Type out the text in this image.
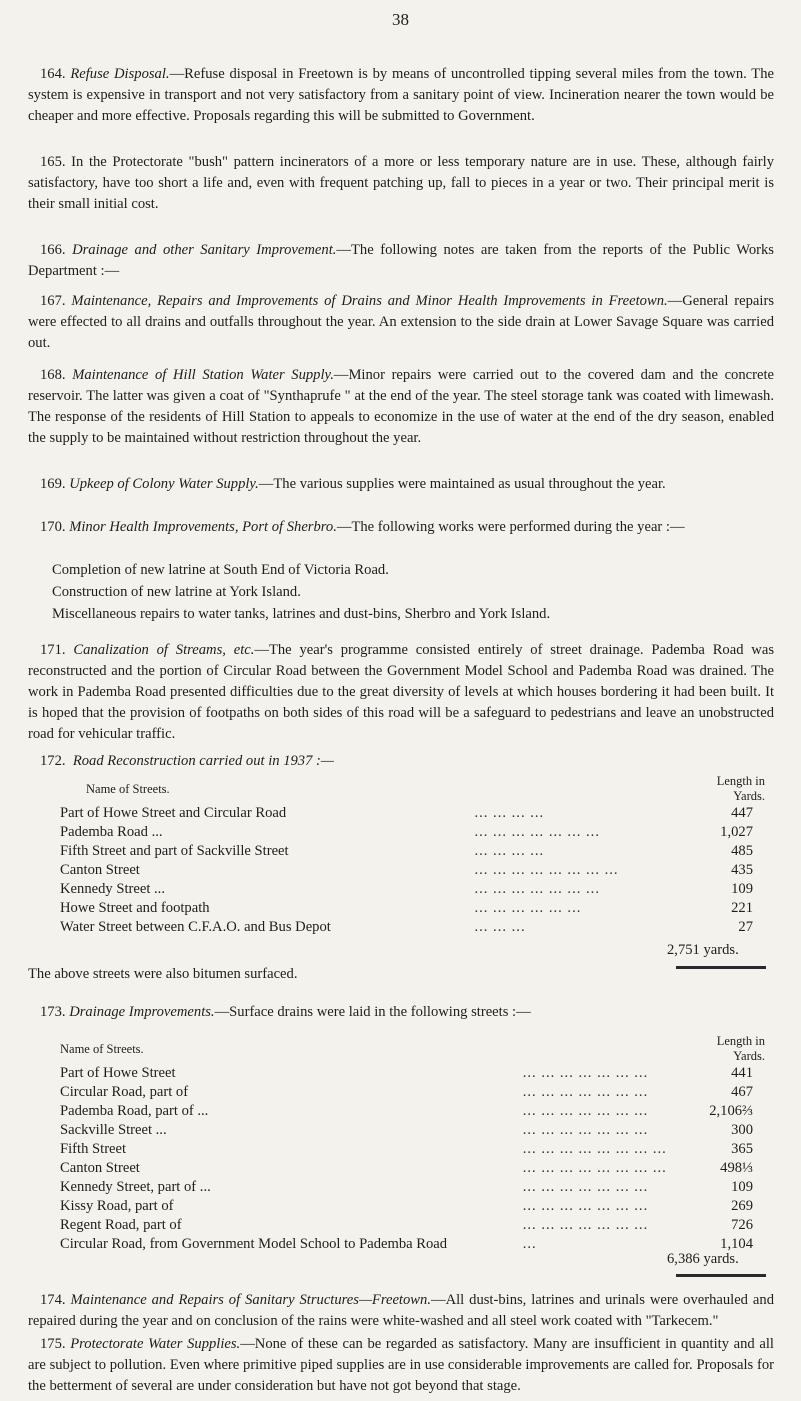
38

164. Refuse Disposal.—Refuse disposal in Freetown is by means of uncontrolled tipping several miles from the town. The system is expensive in transport and not very satisfactory from a sanitary point of view. Incineration nearer the town would be cheaper and more effective. Proposals regarding this will be submitted to Government.

165. In the Protectorate "bush" pattern incinerators of a more or less temporary nature are in use. These, although fairly satisfactory, have too short a life and, even with frequent patching up, fall to pieces in a year or two. Their principal merit is their small initial cost.

166. Drainage and other Sanitary Improvement.—The following notes are taken from the reports of the Public Works Department :—

167. Maintenance, Repairs and Improvements of Drains and Minor Health Improvements in Freetown.—General repairs were effected to all drains and outfalls throughout the year. An extension to the side drain at Lower Savage Square was carried out.

168. Maintenance of Hill Station Water Supply.—Minor repairs were carried out to the covered dam and the concrete reservoir. The latter was given a coat of "Synthaprufe " at the end of the year. The steel storage tank was coated with limewash. The response of the residents of Hill Station to appeals to economize in the use of water at the end of the dry season, enabled the supply to be maintained without restriction throughout the year.

169. Upkeep of Colony Water Supply.—The various supplies were maintained as usual throughout the year.

170. Minor Health Improvements, Port of Sherbro.—The following works were performed during the year :—

Completion of new latrine at South End of Victoria Road.
Construction of new latrine at York Island.
Miscellaneous repairs to water tanks, latrines and dust-bins, Sherbro and York Island.

171. Canalization of Streams, etc.—The year's programme consisted entirely of street drainage. Pademba Road was reconstructed and the portion of Circular Road between the Government Model School and Pademba Road was drained. The work in Pademba Road presented difficulties due to the great diversity of levels at which houses bordering it had been built. It is hoped that the provision of footpaths on both sides of this road will be a safeguard to pedestrians and leave an unobstructed road for vehicular traffic.

172. Road Reconstruction carried out in 1937 :—
Name of Streets.		Length in Yards.
Part of Howe Street and Circular Road	... ... ... ...	447
Pademba Road ...	... ... ... ... ... ... ...	1,027
Fifth Street and part of Sackville Street	... ... ... ...	485
Canton Street	... ... ... ... ... ... ... ...	435
Kennedy Street ...	... ... ... ... ... ... ...	109
Howe Street and footpath	... ... ... ... ... ...	221
Water Street between C.F.A.O. and Bus Depot	... ... ...	27
2,751 yards.
The above streets were also bitumen surfaced.

173. Drainage Improvements.—Surface drains were laid in the following streets :—

Name of Streets.		Length in Yards.
Part of Howe Street	... ... ... ... ... ... ...	441
Circular Road, part of	... ... ... ... ... ... ...	467
Pademba Road, part of ...	... ... ... ... ... ... ...	2,106⅔
Sackville Street ...	... ... ... ... ... ... ...	300
Fifth Street	... ... ... ... ... ... ... ...	365
Canton Street	... ... ... ... ... ... ... ...	498⅓
Kennedy Street, part of ...	... ... ... ... ... ... ...	109
Kissy Road, part of	... ... ... ... ... ... ...	269
Regent Road, part of	... ... ... ... ... ... ...	726
Circular Road, from Government Model School to Pademba Road	...	1,104
6,386 yards.

174. Maintenance and Repairs of Sanitary Structures—Freetown.—All dust-bins, latrines and urinals were overhauled and repaired during the year and on conclusion of the rains were white-washed and all steel work coated with "Tarkecem."

175. Protectorate Water Supplies.—None of these can be regarded as satisfactory. Many are insufficient in quantity and all are subject to pollution. Even where primitive piped supplies are in use considerable improvements are called for. Proposals for the betterment of several are under consideration but have not got beyond that stage.
